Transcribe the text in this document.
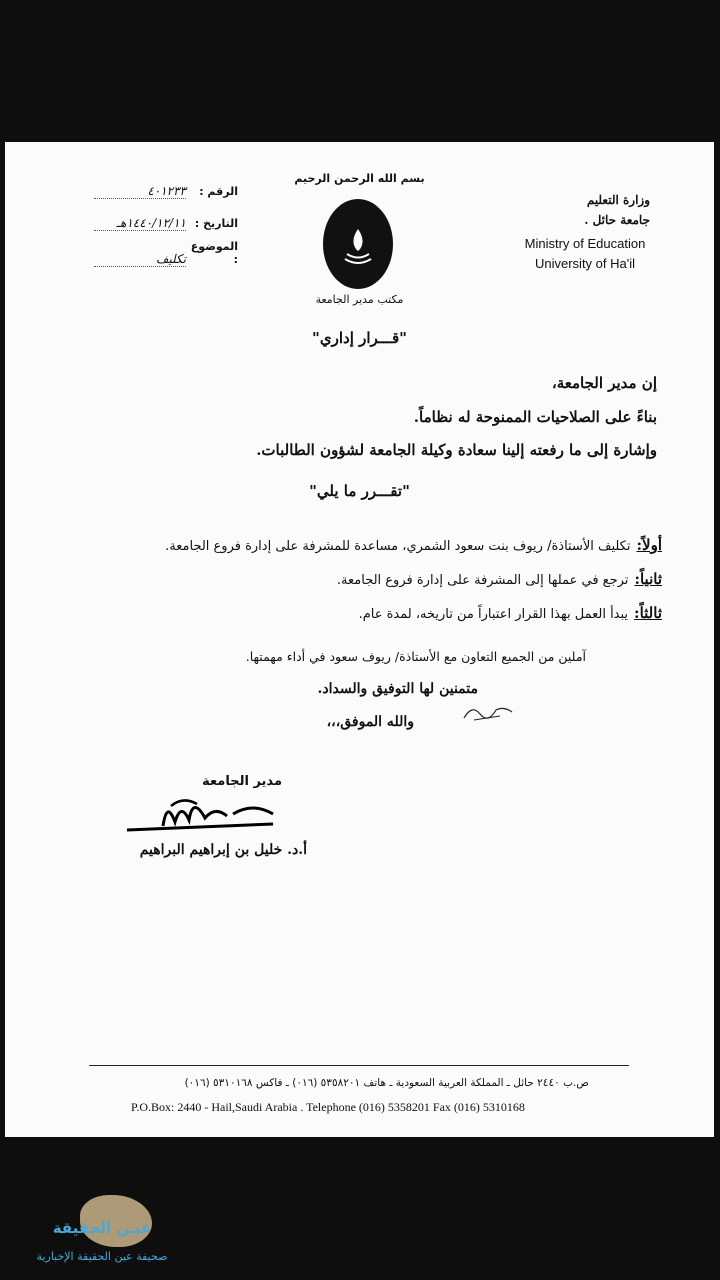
بسم الله الرحمن الرحيم
وزارة التعليم
جامعة حائل .
Ministry of Education
University of Ha'il
الرقم :٤٠١٢٣٣
التاريخ :١٤٤٠/١٢/١١هـ
الموضوع :تكليف
مكتب مدير الجامعة
"قـــرار إداري"
إن مدير الجامعة،
بناءً على الصلاحيات الممنوحة له نظاماً.
وإشارة إلى ما رفعته إلينا سعادة وكيلة الجامعة لشؤون الطالبات.
"تقـــرر ما يلي"
أولاً:تكليف الأستاذة/ ريوف بنت سعود الشمري، مساعدة للمشرفة على إدارة فروع الجامعة.
ثانياً:ترجع في عملها إلى المشرفة على إدارة فروع الجامعة.
ثالثاً:يبدأ العمل بهذا القرار اعتباراً من تاريخه، لمدة عام.
آملين من الجميع التعاون مع الأستاذة/ ريوف سعود في أداء مهمتها.
متمنين لها التوفيق والسداد.
والله الموفق،،،
مدير الجامعة
أ.د. خليل بن إبراهيم البراهيم
ص.ب ٢٤٤٠ حائل ـ المملكة العربية السعودية ـ هاتف ٥٣٥٨٢٠١ (٠١٦) ـ فاكس ٥٣١٠١٦٨ (٠١٦)
P.O.Box: 2440 - Hail,Saudi Arabia . Telephone (016) 5358201 Fax (016) 5310168
عيـن الحقيقة
صحيفة عين الحقيقة الإخبارية
